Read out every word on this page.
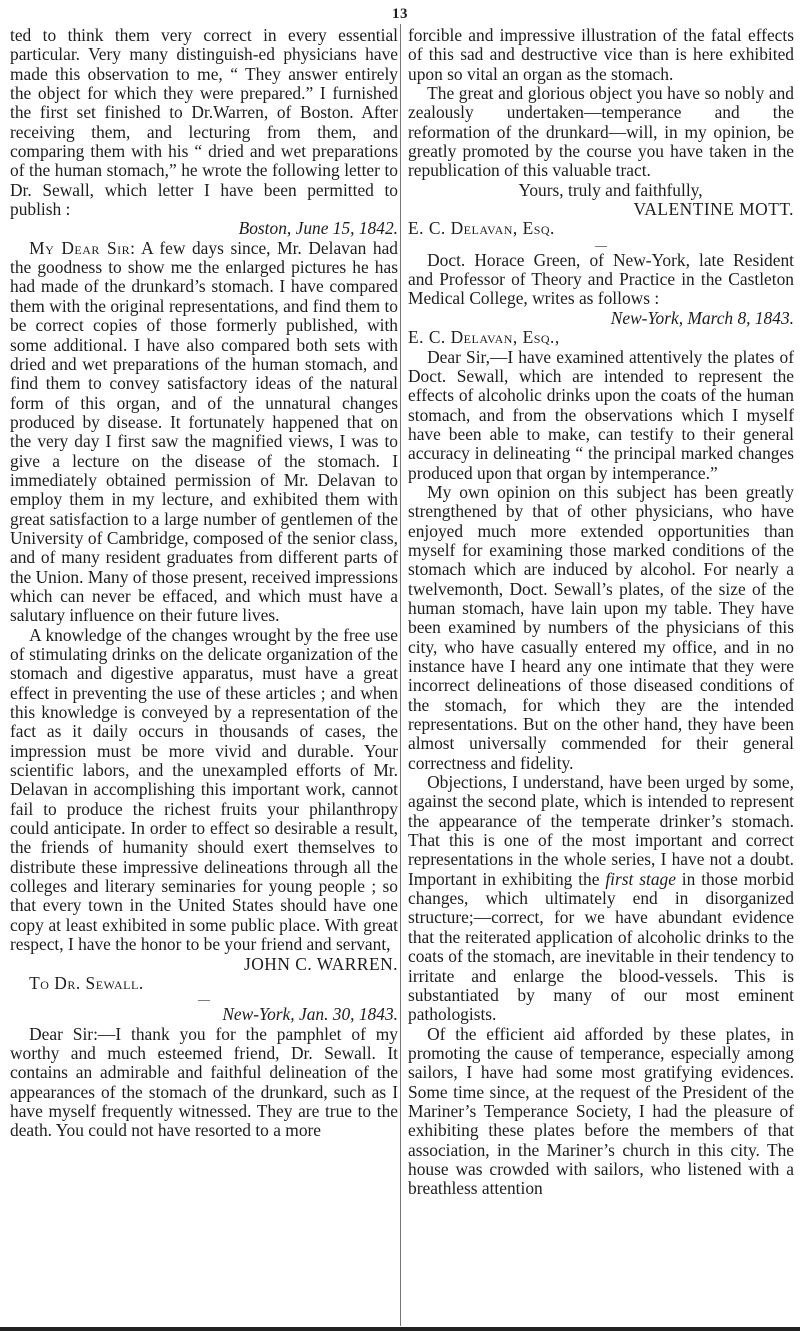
13

ted to think them very correct in every essential particular. Very many distinguish-ed physicians have made this observation to me, “ They answer entirely the object for which they were prepared.” I furnished the first set finished to Dr.Warren, of Boston. After receiving them, and lecturing from them, and comparing them with his “ dried and wet preparations of the human stomach,” he wrote the following letter to Dr. Sewall, which letter I have been permitted to publish :

Boston, June 15, 1842.

My Dear Sir: A few days since, Mr. Delavan had the goodness to show me the enlarged pictures he has had made of the drunkard’s stomach. I have compared them with the original representations, and find them to be correct copies of those formerly published, with some additional. I have also compared both sets with dried and wet preparations of the human stomach, and find them to convey satisfactory ideas of the natural form of this organ, and of the unnatural changes produced by disease. It fortunately happened that on the very day I first saw the magnified views, I was to give a lecture on the disease of the stomach. I immediately obtained permission of Mr. Delavan to employ them in my lecture, and exhibited them with great satisfaction to a large number of gentlemen of the University of Cambridge, composed of the senior class, and of many resident graduates from different parts of the Union. Many of those present, received impressions which can never be effaced, and which must have a salutary influence on their future lives.

A knowledge of the changes wrought by the free use of stimulating drinks on the delicate organization of the stomach and digestive apparatus, must have a great effect in preventing the use of these articles ; and when this knowledge is conveyed by a representation of the fact as it daily occurs in thousands of cases, the impression must be more vivid and durable. Your scientific labors, and the unexampled efforts of Mr. Delavan in accomplishing this important work, cannot fail to produce the richest fruits your philanthropy could anticipate. In order to effect so desirable a result, the friends of humanity should exert themselves to distribute these impressive delineations through all the colleges and literary seminaries for young people ; so that every town in the United States should have one copy at least exhibited in some public place. With great respect, I have the honor to be your friend and servant,

JOHN C. WARREN.

To Dr. Sewall.

—

New-York, Jan. 30, 1843.

Dear Sir:—I thank you for the pamphlet of my worthy and much esteemed friend, Dr. Sewall. It contains an admirable and faithful delineation of the appearances of the stomach of the drunkard, such as I have myself frequently witnessed. They are true to the death. You could not have resorted to a more

forcible and impressive illustration of the fatal effects of this sad and destructive vice than is here exhibited upon so vital an organ as the stomach.

The great and glorious object you have so nobly and zealously undertaken—temperance and the reformation of the drunkard—will, in my opinion, be greatly promoted by the course you have taken in the republication of this valuable tract.

Yours, truly and faithfully,

VALENTINE MOTT.

E. C. Delavan, Esq.

—

Doct. Horace Green, of New-York, late Resident and Professor of Theory and Practice in the Castleton Medical College, writes as follows :

New-York, March 8, 1843.

E. C. Delavan, Esq.,

Dear Sir,—I have examined attentively the plates of Doct. Sewall, which are intended to represent the effects of alcoholic drinks upon the coats of the human stomach, and from the observations which I myself have been able to make, can testify to their general accuracy in delineating “ the principal marked changes produced upon that organ by intemperance.”

My own opinion on this subject has been greatly strengthened by that of other physicians, who have enjoyed much more extended opportunities than myself for examining those marked conditions of the stomach which are induced by alcohol. For nearly a twelvemonth, Doct. Sewall’s plates, of the size of the human stomach, have lain upon my table. They have been examined by numbers of the physicians of this city, who have casually entered my office, and in no instance have I heard any one intimate that they were incorrect delineations of those diseased conditions of the stomach, for which they are the intended representations. But on the other hand, they have been almost universally commended for their general correctness and fidelity.

Objections, I understand, have been urged by some, against the second plate, which is intended to represent the appearance of the temperate drinker’s stomach. That this is one of the most important and correct representations in the whole series, I have not a doubt. Important in exhibiting the first stage in those morbid changes, which ultimately end in disorganized structure;—correct, for we have abundant evidence that the reiterated application of alcoholic drinks to the coats of the stomach, are inevitable in their tendency to irritate and enlarge the blood-vessels. This is substantiated by many of our most eminent pathologists.

Of the efficient aid afforded by these plates, in promoting the cause of temperance, especially among sailors, I have had some most gratifying evidences. Some time since, at the request of the President of the Mariner’s Temperance Society, I had the pleasure of exhibiting these plates before the members of that association, in the Mariner’s church in this city. The house was crowded with sailors, who listened with a breathless attention
